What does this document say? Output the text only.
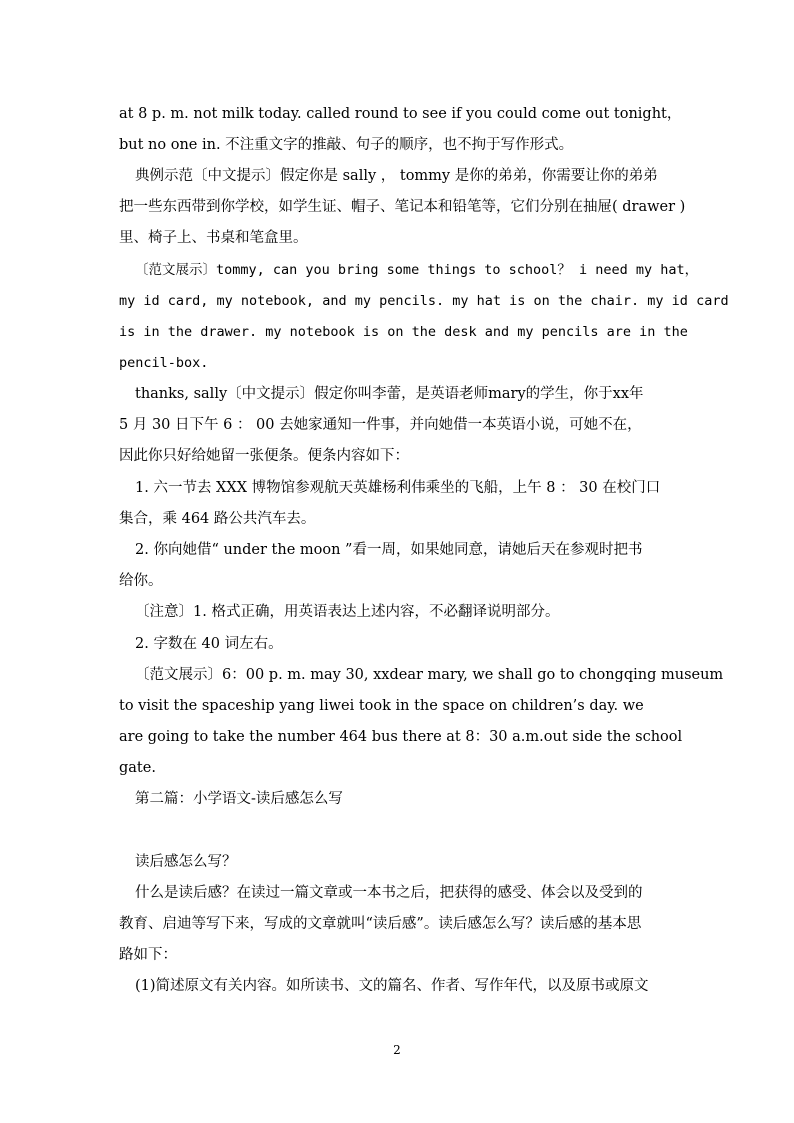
at 8 p. m. not milk today. called round to see if you could come out tonight，
but no one in. 不注重文字的推敲、句子的顺序，也不拘于写作形式。
典例示范〔中文提示〕假定你是 sally ， tommy 是你的弟弟，你需要让你的弟弟
把一些东西带到你学校，如学生证、帽子、笔记本和铅笔等，它们分别在抽屉( drawer )
里、椅子上、书桌和笔盒里。
〔范文展示〕tommy, can you bring some things to school？ i need my hat，
my id card, my notebook, and my pencils. my hat is on the chair. my id card
is in the drawer. my notebook is on the desk and my pencils are in the
pencil-box.
thanks, sally〔中文提示〕假定你叫李蕾，是英语老师mary的学生，你于xx年
5 月 30 日下午 6 ： 00 去她家通知一件事，并向她借一本英语小说，可她不在，
因此你只好给她留一张便条。便条内容如下：
1. 六一节去 XXX 博物馆参观航天英雄杨利伟乘坐的飞船，上午 8 ： 30 在校门口
集合，乘 464 路公共汽车去。
2. 你向她借“ under the moon ”看一周，如果她同意，请她后天在参观时把书
给你。
〔注意〕1. 格式正确，用英语表达上述内容，不必翻译说明部分。
2. 字数在 40 词左右。
〔范文展示〕6：00 p. m. may 30, xxdear mary, we shall go to chongqing museum
to visit the spaceship yang liwei took in the space on children’s day. we
are going to take the number 464 bus there at 8：30 a.m.out side the school
gate.
第二篇：小学语文-读后感怎么写
读后感怎么写？
什么是读后感？在读过一篇文章或一本书之后，把获得的感受、体会以及受到的
教育、启迪等写下来，写成的文章就叫“读后感”。读后感怎么写？读后感的基本思
路如下：
(1)简述原文有关内容。如所读书、文的篇名、作者、写作年代，以及原书或原文
2
